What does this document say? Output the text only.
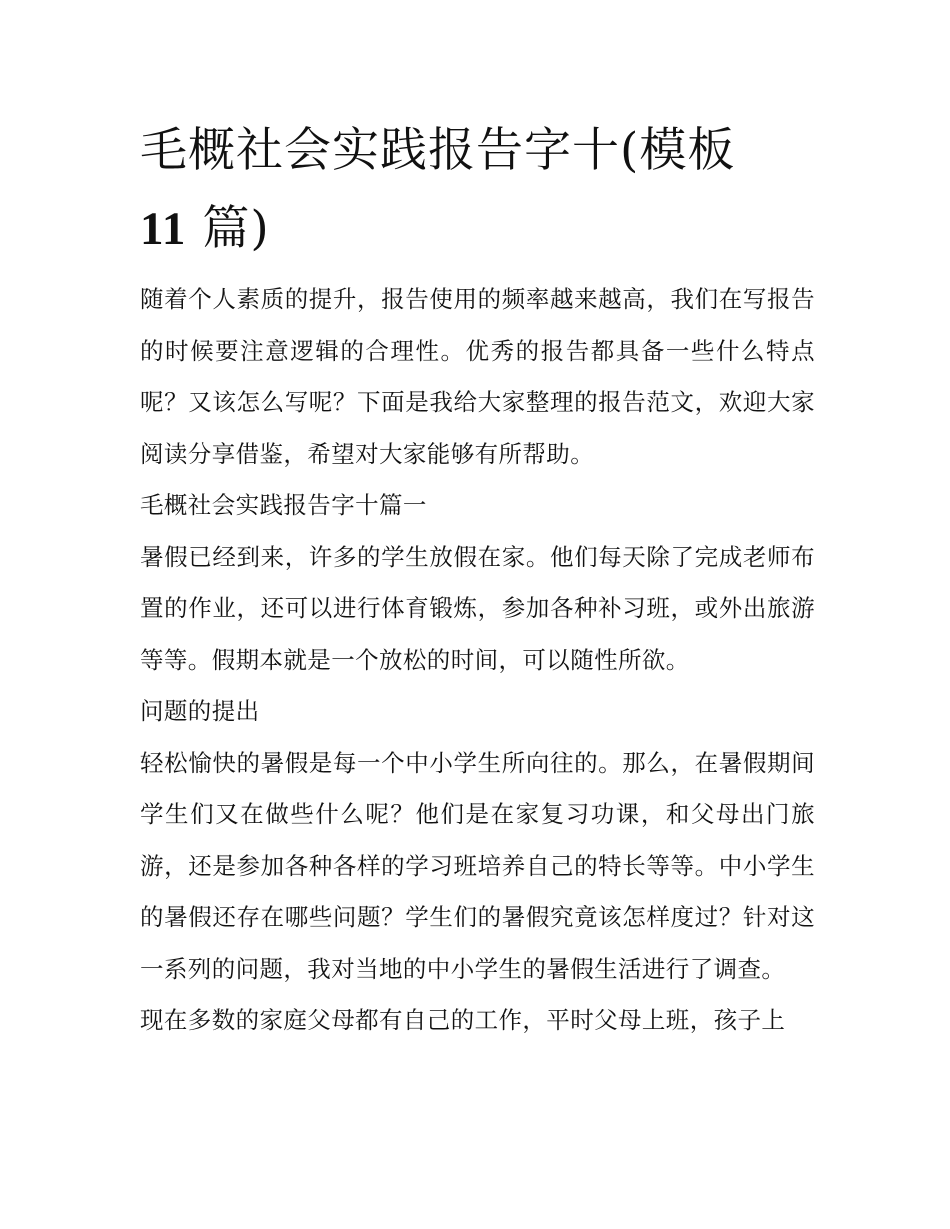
毛概社会实践报告字十(模板
11 篇)

随着个人素质的提升，报告使用的频率越来越高，我们在写报告的时候要注意逻辑的合理性。优秀的报告都具备一些什么特点呢？又该怎么写呢？下面是我给大家整理的报告范文，欢迎大家阅读分享借鉴，希望对大家能够有所帮助。

毛概社会实践报告字十篇一

暑假已经到来，许多的学生放假在家。他们每天除了完成老师布置的作业，还可以进行体育锻炼，参加各种补习班，或外出旅游等等。假期本就是一个放松的时间，可以随性所欲。

问题的提出

轻松愉快的暑假是每一个中小学生所向往的。那么，在暑假期间学生们又在做些什么呢？他们是在家复习功课，和父母出门旅游，还是参加各种各样的学习班培养自己的特长等等。中小学生的暑假还存在哪些问题？学生们的暑假究竟该怎样度过？针对这一系列的问题，我对当地的中小学生的暑假生活进行了调查。

现在多数的家庭父母都有自己的工作，平时父母上班，孩子上
